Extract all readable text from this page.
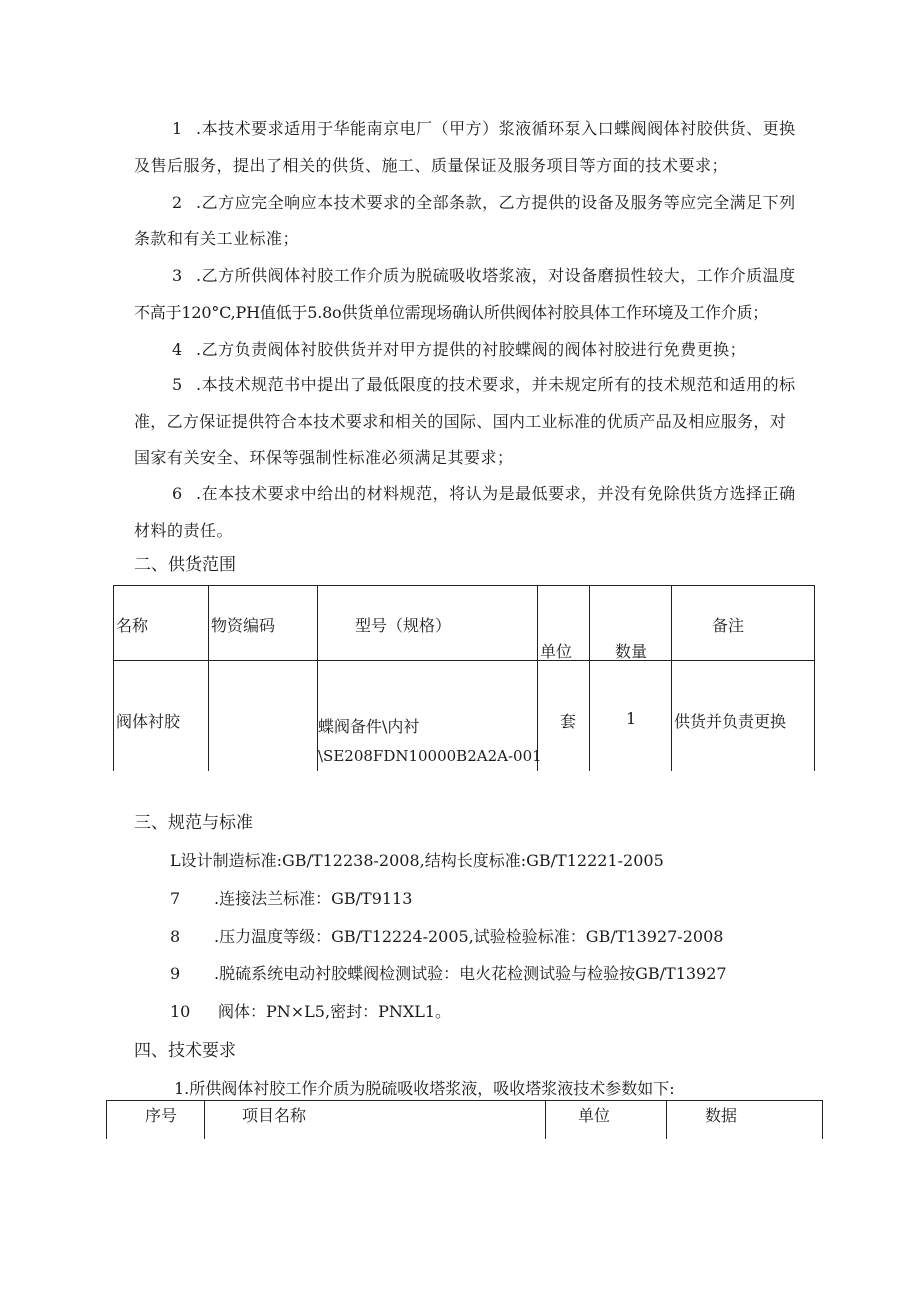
1 .本技术要求适用于华能南京电厂（甲方）浆液循环泵入口蝶阀阀体衬胶供货、更换
及售后服务，提出了相关的供货、施工、质量保证及服务项目等方面的技术要求；
2 .乙方应完全响应本技术要求的全部条款，乙方提供的设备及服务等应完全满足下列
条款和有关工业标准；
3 .乙方所供阀体衬胶工作介质为脱硫吸收塔浆液，对设备磨损性较大，工作介质温度
不高于120°C,PH值低于5.8o供货单位需现场确认所供阀体衬胶具体工作环境及工作介质；
4 .乙方负责阀体衬胶供货并对甲方提供的衬胶蝶阀的阀体衬胶进行免费更换；
5 .本技术规范书中提出了最低限度的技术要求，并未规定所有的技术规范和适用的标
准，乙方保证提供符合本技术要求和相关的国际、国内工业标准的优质产品及相应服务，对
国家有关安全、环保等强制性标准必须满足其要求；
6 .在本技术要求中给出的材料规范，将认为是最低要求，并没有免除供货方选择正确
材料的责任。
二、供货范围
名称	物资编码	型号（规格）	单位	数量	备注

阀体衬胶		蝶阀备件\内衬
\SE208FDN10000B2A2A-001	套	1	供货并负责更换
三、规范与标准
L设计制造标准:GB/T12238-2008,结构长度标准:GB/T12221-2005
7 .连接法兰标准：GB/T9113
8 .压力温度等级：GB/T12224-2005,试验检验标准：GB/T13927-2008
9 .脱硫系统电动衬胶蝶阀检测试验：电火花检测试验与检验按GB/T13927
10 阀体：PN×L5,密封：PNXL1。
四、技术要求
1.所供阀体衬胶工作介质为脱硫吸收塔浆液，吸收塔浆液技术参数如下:
序号	项目名称	单位	数据
